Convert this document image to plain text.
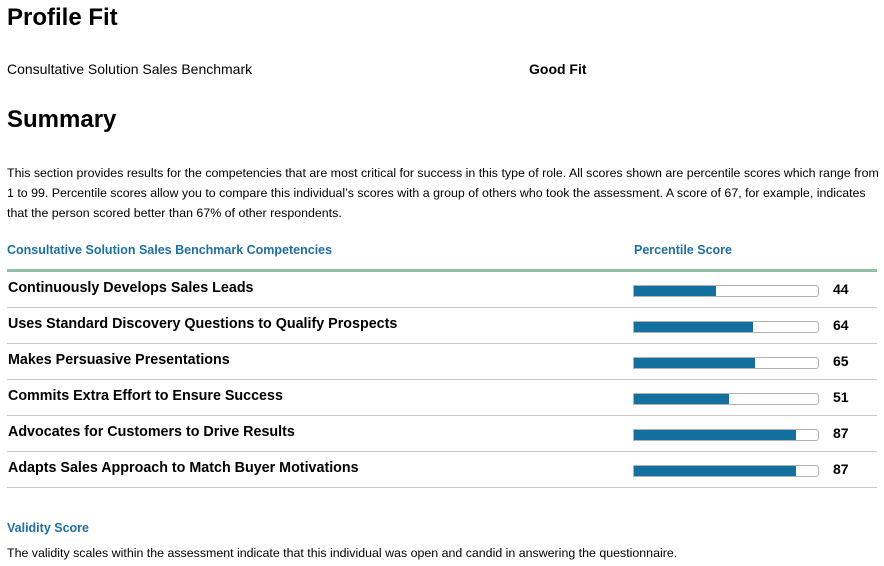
Profile Fit
Consultative Solution Sales Benchmark	Good Fit
Summary

This section provides results for the competencies that are most critical for success in this type of role. All scores shown are percentile scores which range from 1 to 99. Percentile scores allow you to compare this individual’s scores with a group of others who took the assessment. A score of 67, for example, indicates that the person scored better than 67% of other respondents.

Consultative Solution Sales Benchmark Competencies	Percentile Score
Continuously Develops Sales Leads	44
Uses Standard Discovery Questions to Qualify Prospects	64
Makes Persuasive Presentations	65
Commits Extra Effort to Ensure Success	51
Advocates for Customers to Drive Results	87
Adapts Sales Approach to Match Buyer Motivations	87
Validity Score

The validity scales within the assessment indicate that this individual was open and candid in answering the questionnaire.
